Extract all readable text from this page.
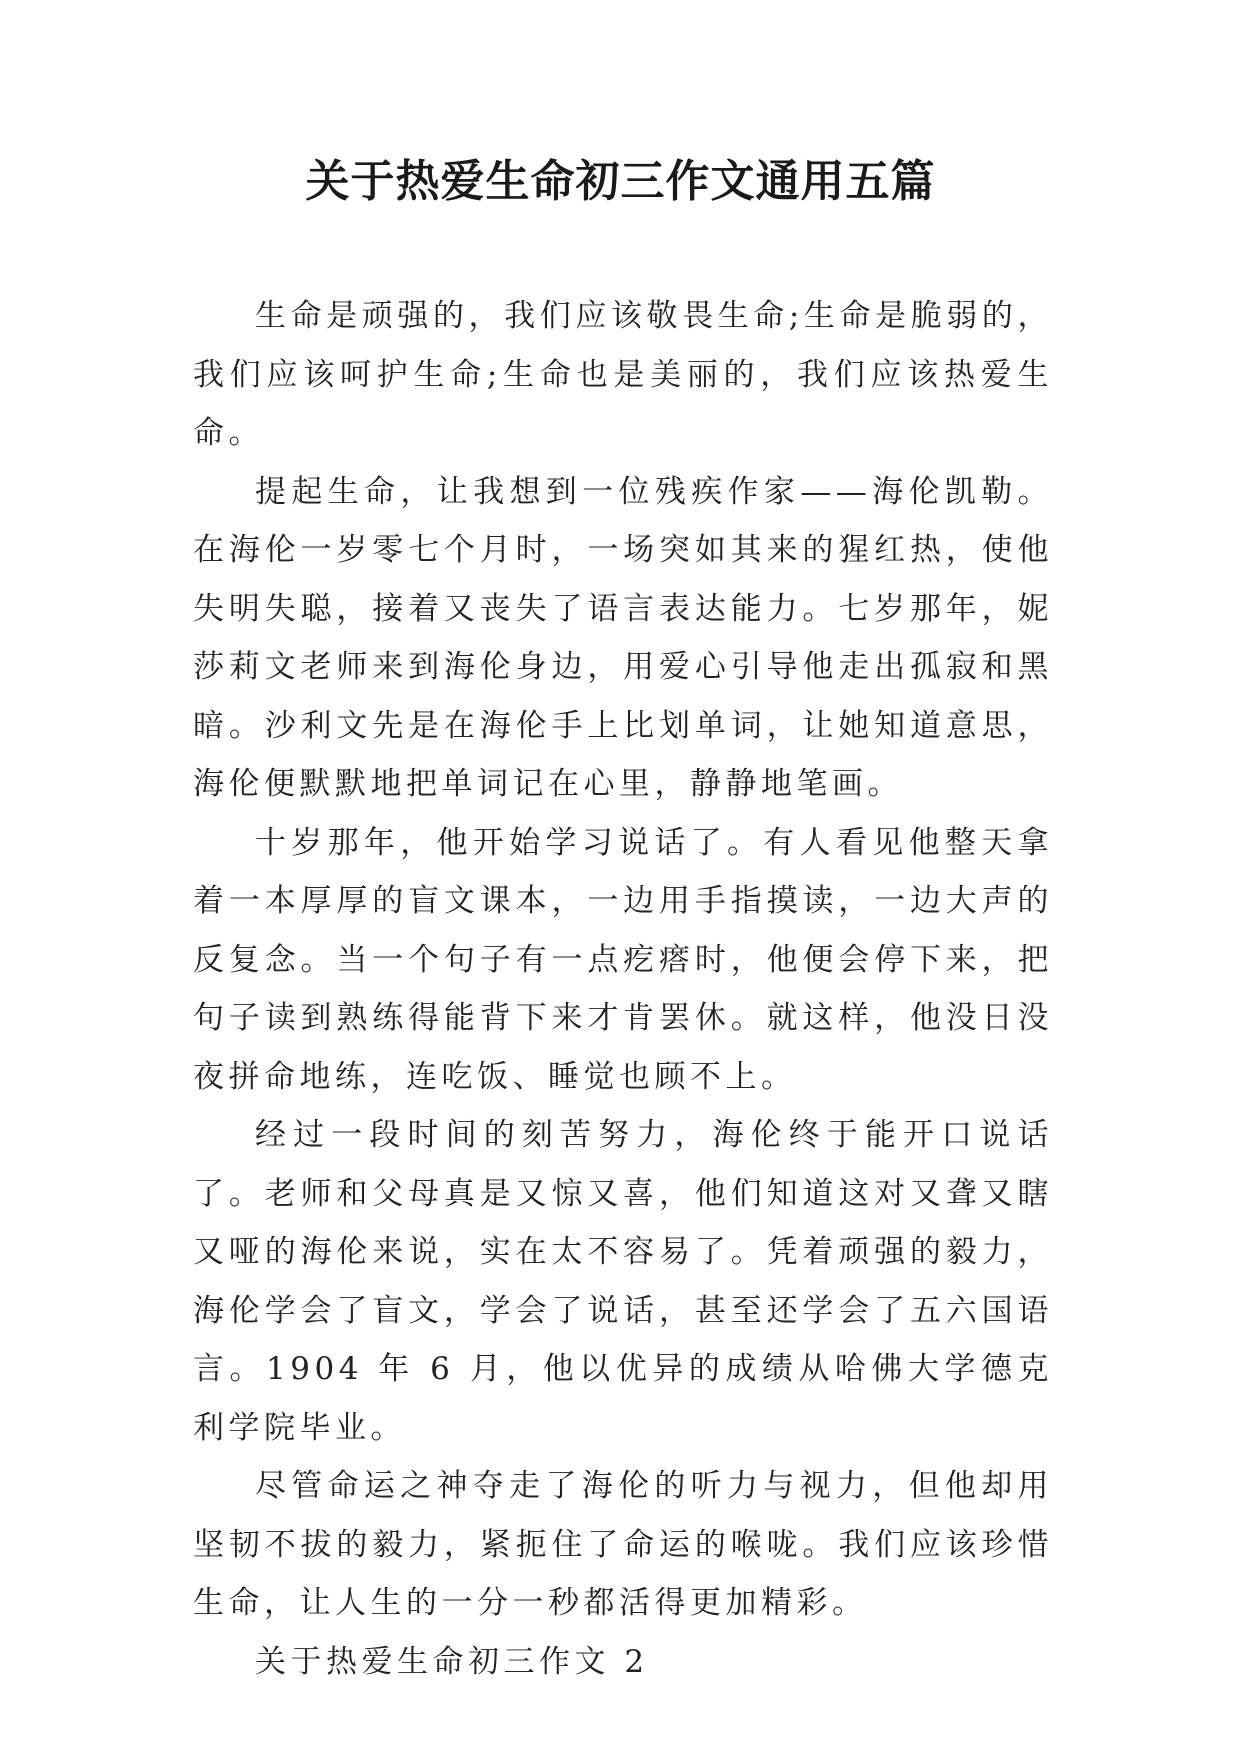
关于热爱生命初三作文通用五篇

生命是顽强的，我们应该敬畏生命;生命是脆弱的，我们应该呵护生命;生命也是美丽的，我们应该热爱生命。

提起生命，让我想到一位残疾作家——海伦凯勒。在海伦一岁零七个月时，一场突如其来的猩红热，使他失明失聪，接着又丧失了语言表达能力。七岁那年，妮莎莉文老师来到海伦身边，用爱心引导他走出孤寂和黑暗。沙利文先是在海伦手上比划单词，让她知道意思，海伦便默默地把单词记在心里，静静地笔画。

十岁那年，他开始学习说话了。有人看见他整天拿着一本厚厚的盲文课本，一边用手指摸读，一边大声的反复念。当一个句子有一点疙瘩时，他便会停下来，把句子读到熟练得能背下来才肯罢休。就这样，他没日没夜拼命地练，连吃饭、睡觉也顾不上。

经过一段时间的刻苦努力，海伦终于能开口说话了。老师和父母真是又惊又喜，他们知道这对又聋又瞎又哑的海伦来说，实在太不容易了。凭着顽强的毅力，海伦学会了盲文，学会了说话，甚至还学会了五六国语言。1904 年 6 月，他以优异的成绩从哈佛大学德克利学院毕业。

尽管命运之神夺走了海伦的听力与视力，但他却用坚韧不拔的毅力，紧扼住了命运的喉咙。我们应该珍惜生命，让人生的一分一秒都活得更加精彩。

关于热爱生命初三作文 2
